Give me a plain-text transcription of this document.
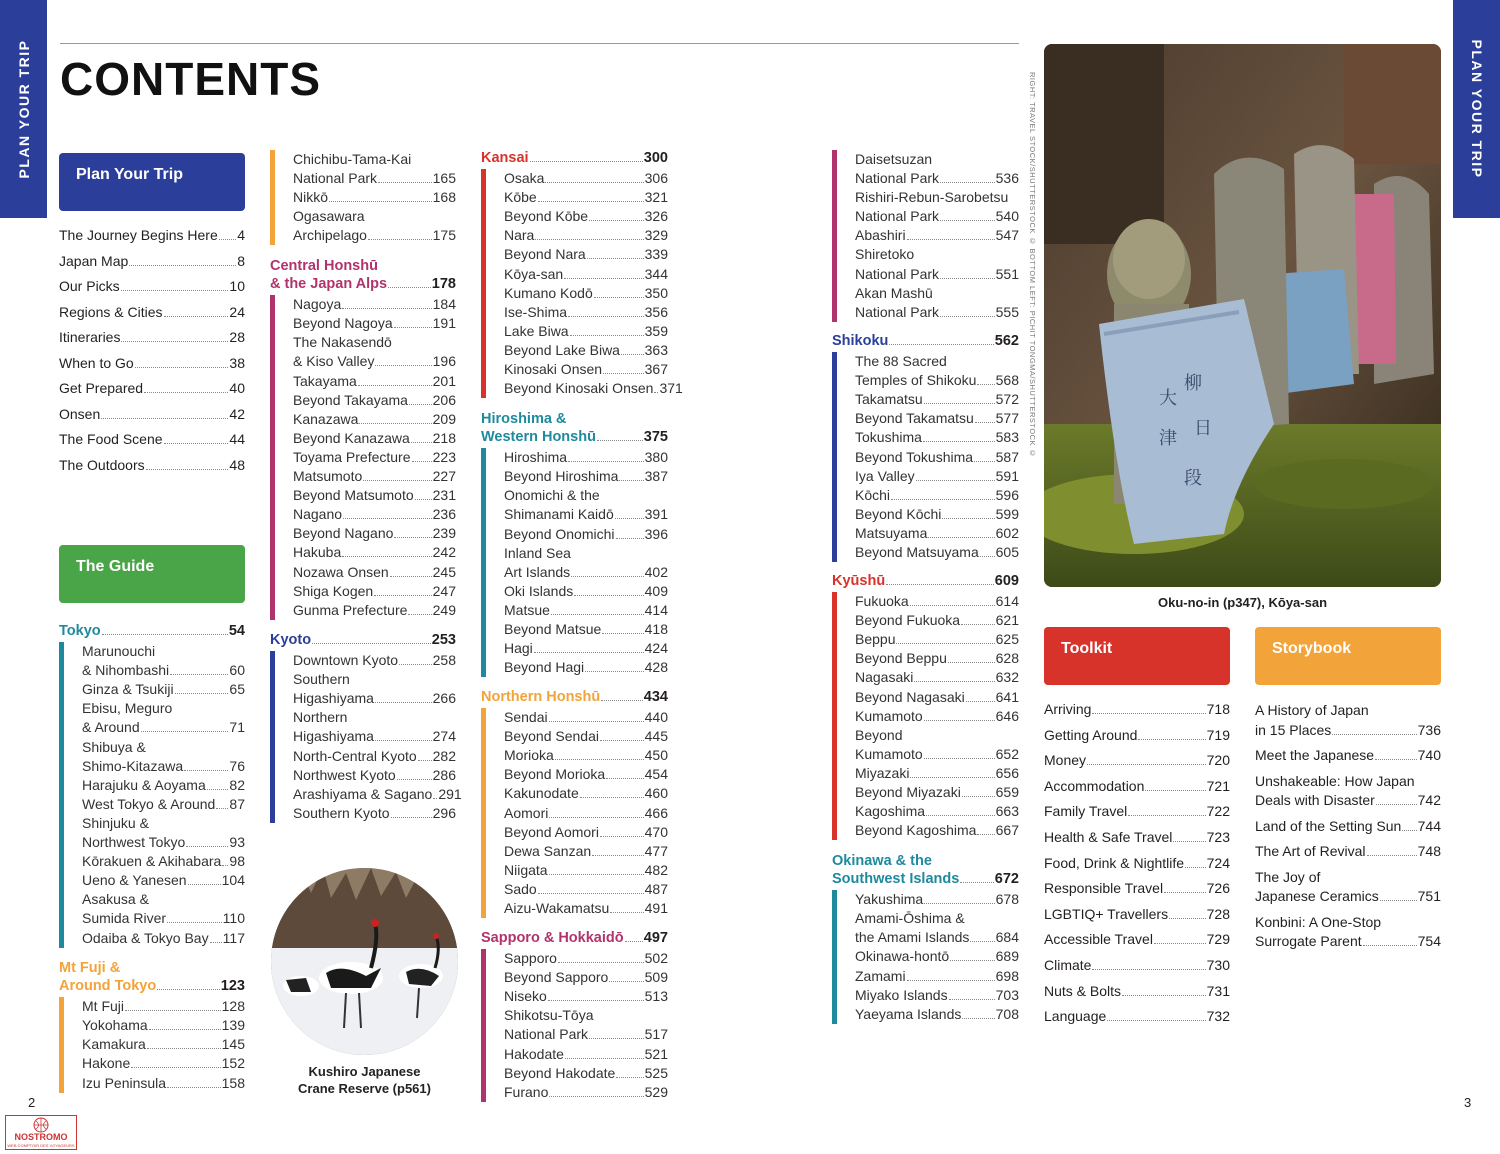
PLAN YOUR TRIP	PLAN YOUR TRIP
CONTENTS
Plan Your Trip
The Journey Begins Here 4
Japan Map	8
Our Picks	10
Regions & Cities	24
Itineraries	28
When to Go	38
Get Prepared	40
Onsen	42
The Food Scene	44
The Outdoors	48
The Guide
Tokyo	54
Marunouchi
& Nihombashi	60
Ginza & Tsukiji	65
Ebisu, Meguro
& Around	71
Shibuya &
Shimo-Kitazawa	76
Harajuku & Aoyama 82
West Tokyo & Around 87
Shinjuku &
Northwest Tokyo	93
Kōrakuen & Akihabara 98
Ueno & Yanesen	104
Asakusa &
Sumida River	110
Odaiba & Tokyo Bay 117
Mt Fuji &
Around Tokyo	123
Mt Fuji	128
Yokohama	139
Kamakura	145
Hakone	152
Izu Peninsula	158
Chichibu-Tama-Kai
National Park	165
Nikkō	168
Ogasawara
Archipelago	175
Central Honshū
& the Japan Alps	178
Nagoya	184
Beyond Nagoya	191
The Nakasendō
& Kiso Valley	196
Takayama	201
Beyond Takayama 206
Kanazawa	209
Beyond Kanazawa 218
Toyama Prefecture 223
Matsumoto	227
Beyond Matsumoto 231
Nagano	236
Beyond Nagano	239
Hakuba	242
Nozawa Onsen	245
Shiga Kogen	247
Gunma Prefecture 249
Kyoto	253
Downtown Kyoto 258
Southern
Higashiyama	266
Northern
Higashiyama	274
North-Central Kyoto 282
Northwest Kyoto	286
Arashiyama & Sagano 291
Southern Kyoto	296
Kushiro Japanese
Crane Reserve (p561)
Kansai	300
Osaka	306
Kōbe	321
Beyond Kōbe	326
Nara	329
Beyond Nara	339
Kōya-san	344
Kumano Kodō	350
Ise-Shima	356
Lake Biwa	359
Beyond Lake Biwa 363
Kinosaki Onsen	367
Beyond Kinosaki Onsen 371
Hiroshima &
Western Honshū	375
Hiroshima	380
Beyond Hiroshima 387
Onomichi & the
Shimanami Kaidō 391
Beyond Onomichi 396
Inland Sea
Art Islands	402
Oki Islands	409
Matsue	414
Beyond Matsue	418
Hagi	424
Beyond Hagi	428
Northern Honshū	434
Sendai	440
Beyond Sendai	445
Morioka	450
Beyond Morioka	454
Kakunodate	460
Aomori	466
Beyond Aomori	470
Dewa Sanzan	477
Niigata	482
Sado	487
Aizu-Wakamatsu	491
Sapporo & Hokkaidō 497
Sapporo	502
Beyond Sapporo	509
Niseko	513
Shikotsu-Tōya
National Park	517
Hakodate	521
Beyond Hakodate 525
Furano	529
Daisetsuzan
National Park	536
Rishiri-Rebun-Sarobetsu
National Park	540
Abashiri	547
Shiretoko
National Park	551
Akan Mashū
National Park	555
Shikoku	562
The 88 Sacred
Temples of Shikoku 568
Takamatsu	572
Beyond Takamatsu 577
Tokushima	583
Beyond Tokushima 587
Iya Valley	591
Kōchi	596
Beyond Kōchi	599
Matsuyama	602
Beyond Matsuyama 605
Kyūshū	609
Fukuoka	614
Beyond Fukuoka	621
Beppu	625
Beyond Beppu	628
Nagasaki	632
Beyond Nagasaki 641
Kumamoto	646
Beyond
Kumamoto	652
Miyazaki	656
Beyond Miyazaki 659
Kagoshima	663
Beyond Kagoshima 667
Okinawa & the
Southwest Islands 672
Yakushima	678
Amami-Ōshima &
the Amami Islands 684
Okinawa-hontō	689
Zamami	698
Miyako Islands	703
Yaeyama Islands 708
RIGHT: TRAVEL STOCK/SHUTTERSTOCK © BOTTOM LEFT: PICHIT TONGMA/SHUTTERSTOCK ©	大
柳
津 日
段
Oku-no-in (p347), Kōya-san
Toolkit
Arriving	718
Getting Around	719
Money	720
Accommodation	721
Family Travel	722
Health & Safe Travel 723
Food, Drink & Nightlife 724
Responsible Travel	726
LGBTIQ+ Travellers	728
Accessible Travel	729
Climate	730
Nuts & Bolts	731
Language	732
Storybook
A History of Japan
in 15 Places	736
Meet the Japanese	740
Unshakeable: How Japan
Deals with Disaster	742
Land of the Setting Sun 744
The Art of Revival	748
The Joy of
Japanese Ceramics	751
Konbini: A One-Stop
Surrogate Parent	754
2	3
NOSTROMO
WEB COMPTOIR DES VOYAGEURS
